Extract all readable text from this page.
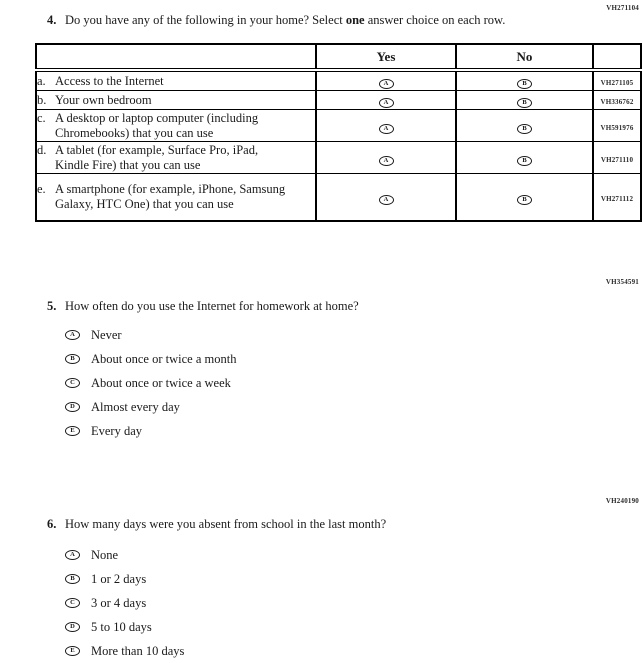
VH271104
4. Do you have any of the following in your home? Select one answer choice on each row.
	Yes	No	

a. Access to the Internet	A	B	VH271105

b. Your own bedroom	A	B	VH336762

c. A desktop or laptop computer (including Chromebooks) that you can use	A	B	VH591976

d. A tablet (for example, Surface Pro, iPad, Kindle Fire) that you can use	A	B	VH271110

e. A smartphone (for example, iPhone, Samsung Galaxy, HTC One) that you can use	A	B	VH271112
VH354591
5. How often do you use the Internet for homework at home?
A	Never
B	About once or twice a month
C	About once or twice a week
D	Almost every day
E	Every day
VH240190
6. How many days were you absent from school in the last month?
A	None
B	1 or 2 days
C	3 or 4 days
D	5 to 10 days
E	More than 10 days
